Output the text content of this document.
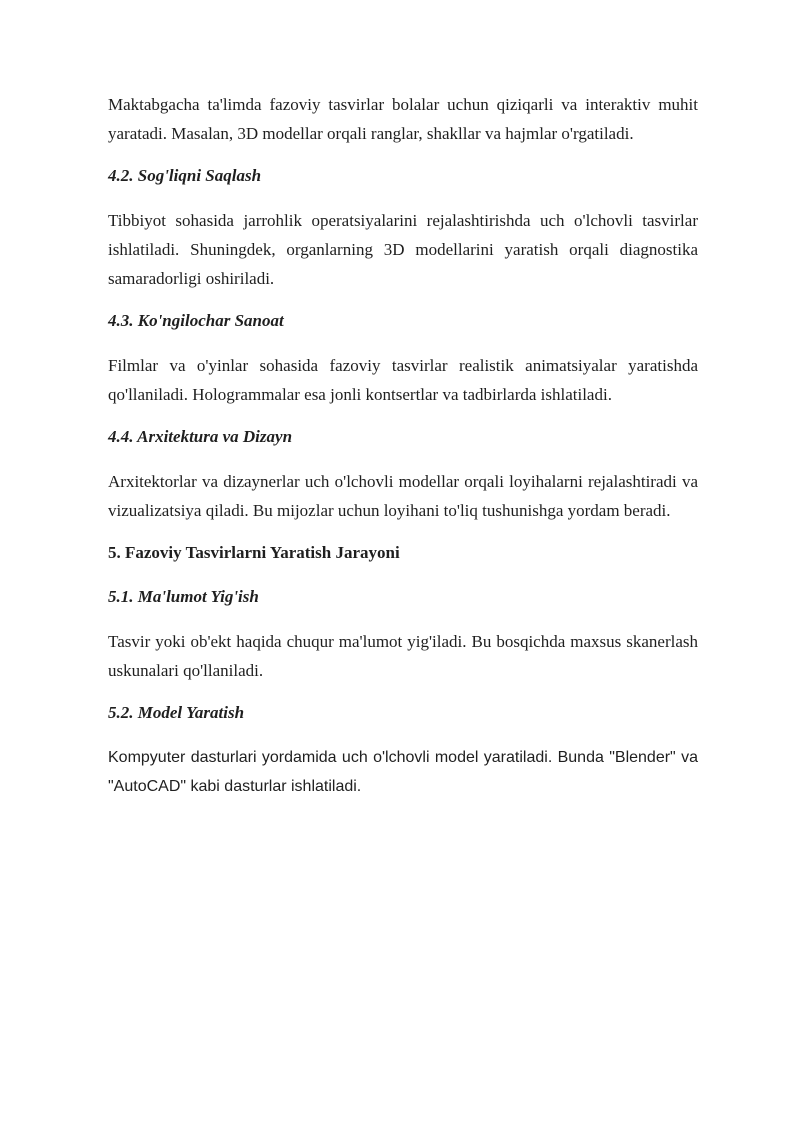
Maktabgacha ta'limda fazoviy tasvirlar bolalar uchun qiziqarli va interaktiv muhit yaratadi. Masalan, 3D modellar orqali ranglar, shakllar va hajmlar o'rgatiladi.

4.2. Sog'liqni Saqlash

Tibbiyot sohasida jarrohlik operatsiyalarini rejalashtirishda uch o'lchovli tasvirlar ishlatiladi. Shuningdek, organlarning 3D modellarini yaratish orqali diagnostika samaradorligi oshiriladi.

4.3. Ko'ngilochar Sanoat

Filmlar va o'yinlar sohasida fazoviy tasvirlar realistik animatsiyalar yaratishda qo'llaniladi. Hologrammalar esa jonli kontsertlar va tadbirlarda ishlatiladi.

4.4. Arxitektura va Dizayn

Arxitektorlar va dizaynerlar uch o'lchovli modellar orqali loyihalarni rejalashtiradi va vizualizatsiya qiladi. Bu mijozlar uchun loyihani to'liq tushunishga yordam beradi.

5. Fazoviy Tasvirlarni Yaratish Jarayoni
5.1. Ma'lumot Yig'ish

Tasvir yoki ob'ekt haqida chuqur ma'lumot yig'iladi. Bu bosqichda maxsus skanerlash uskunalari qo'llaniladi.

5.2. Model Yaratish

Kompyuter dasturlari yordamida uch o'lchovli model yaratiladi. Bunda "Blender" va "AutoCAD" kabi dasturlar ishlatiladi.
